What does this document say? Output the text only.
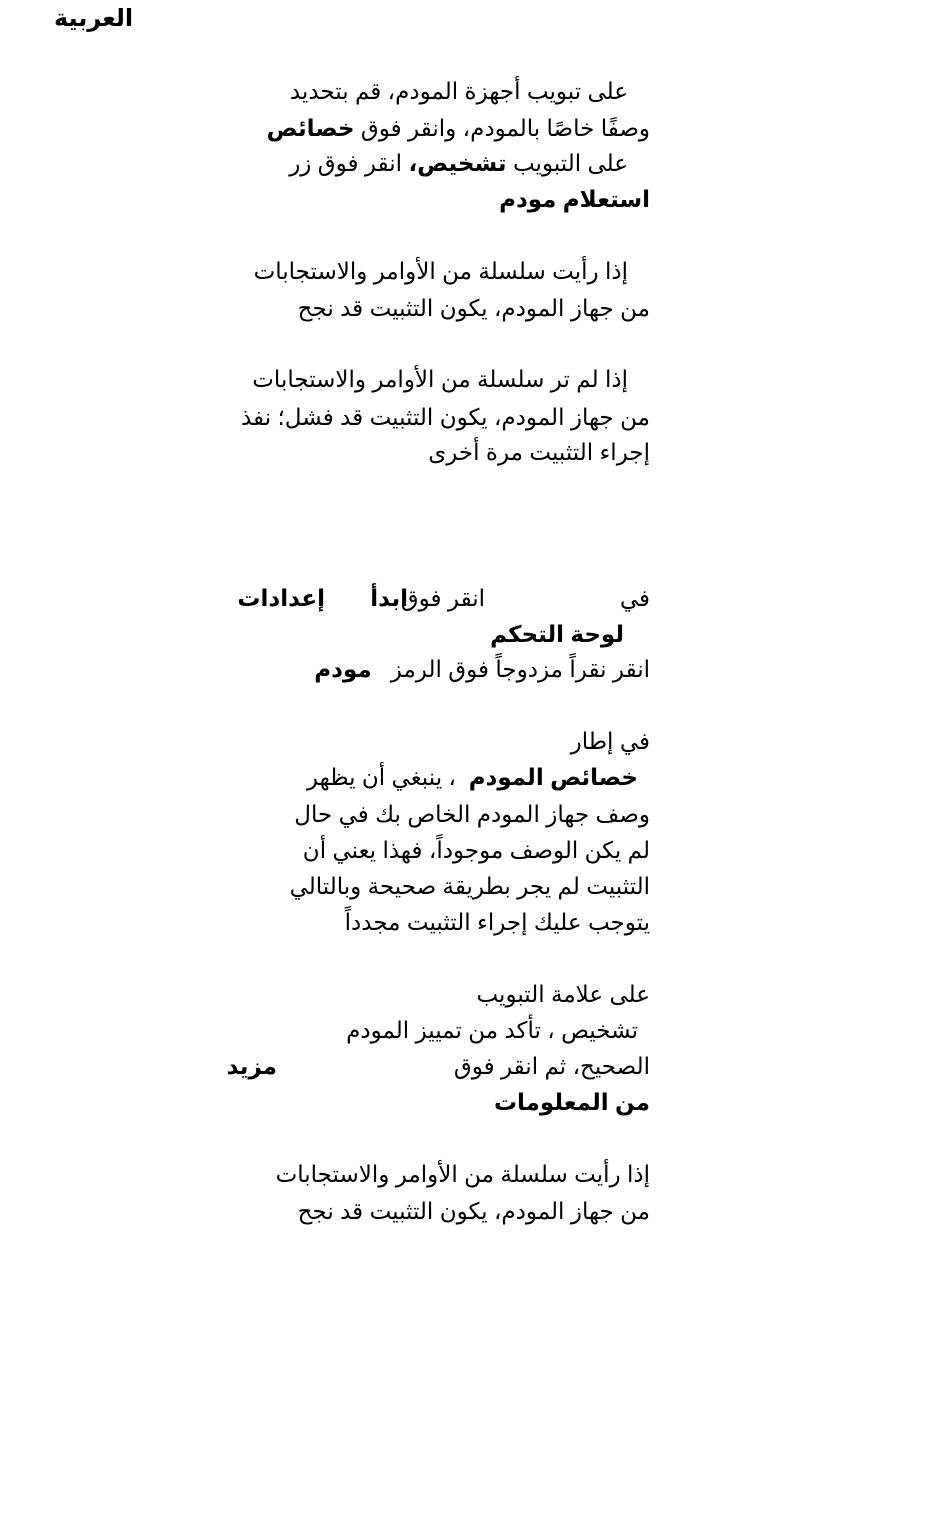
العربية
على تبويب أجهزة المودم، قم بتحديد
وصفًا خاصًا بالمودم، وانقر فوق خصائص
على التبويب تشخيص، انقر فوق زر
استعلام مودم
إذا رأيت سلسلة من الأوامر والاستجابات
من جهاز المودم، يكون التثبيت قد نجح
إذا لم تر سلسلة من الأوامر والاستجابات
من جهاز المودم، يكون التثبيت قد فشل؛ نفذ
إجراء التثبيت مرة أخرى
في
انقر فوق
ابدأ
إعدادات
لوحة التحكم
انقر نقراً مزدوجاً فوق الرمز   مودم
في إطار
خصائص المودم  ، ينبغي أن يظهر
وصف جهاز المودم الخاص بك في حال
لم يكن الوصف موجوداً، فهذا يعني أن
التثبيت لم يجر بطريقة صحيحة وبالتالي
يتوجب عليك إجراء التثبيت مجدداً
على علامة التبويب
تشخيص ، تأكد من تمييز المودم
الصحيح، ثم انقر فوق
مزيد
من المعلومات
إذا رأيت سلسلة من الأوامر والاستجابات
من جهاز المودم، يكون التثبيت قد نجح
